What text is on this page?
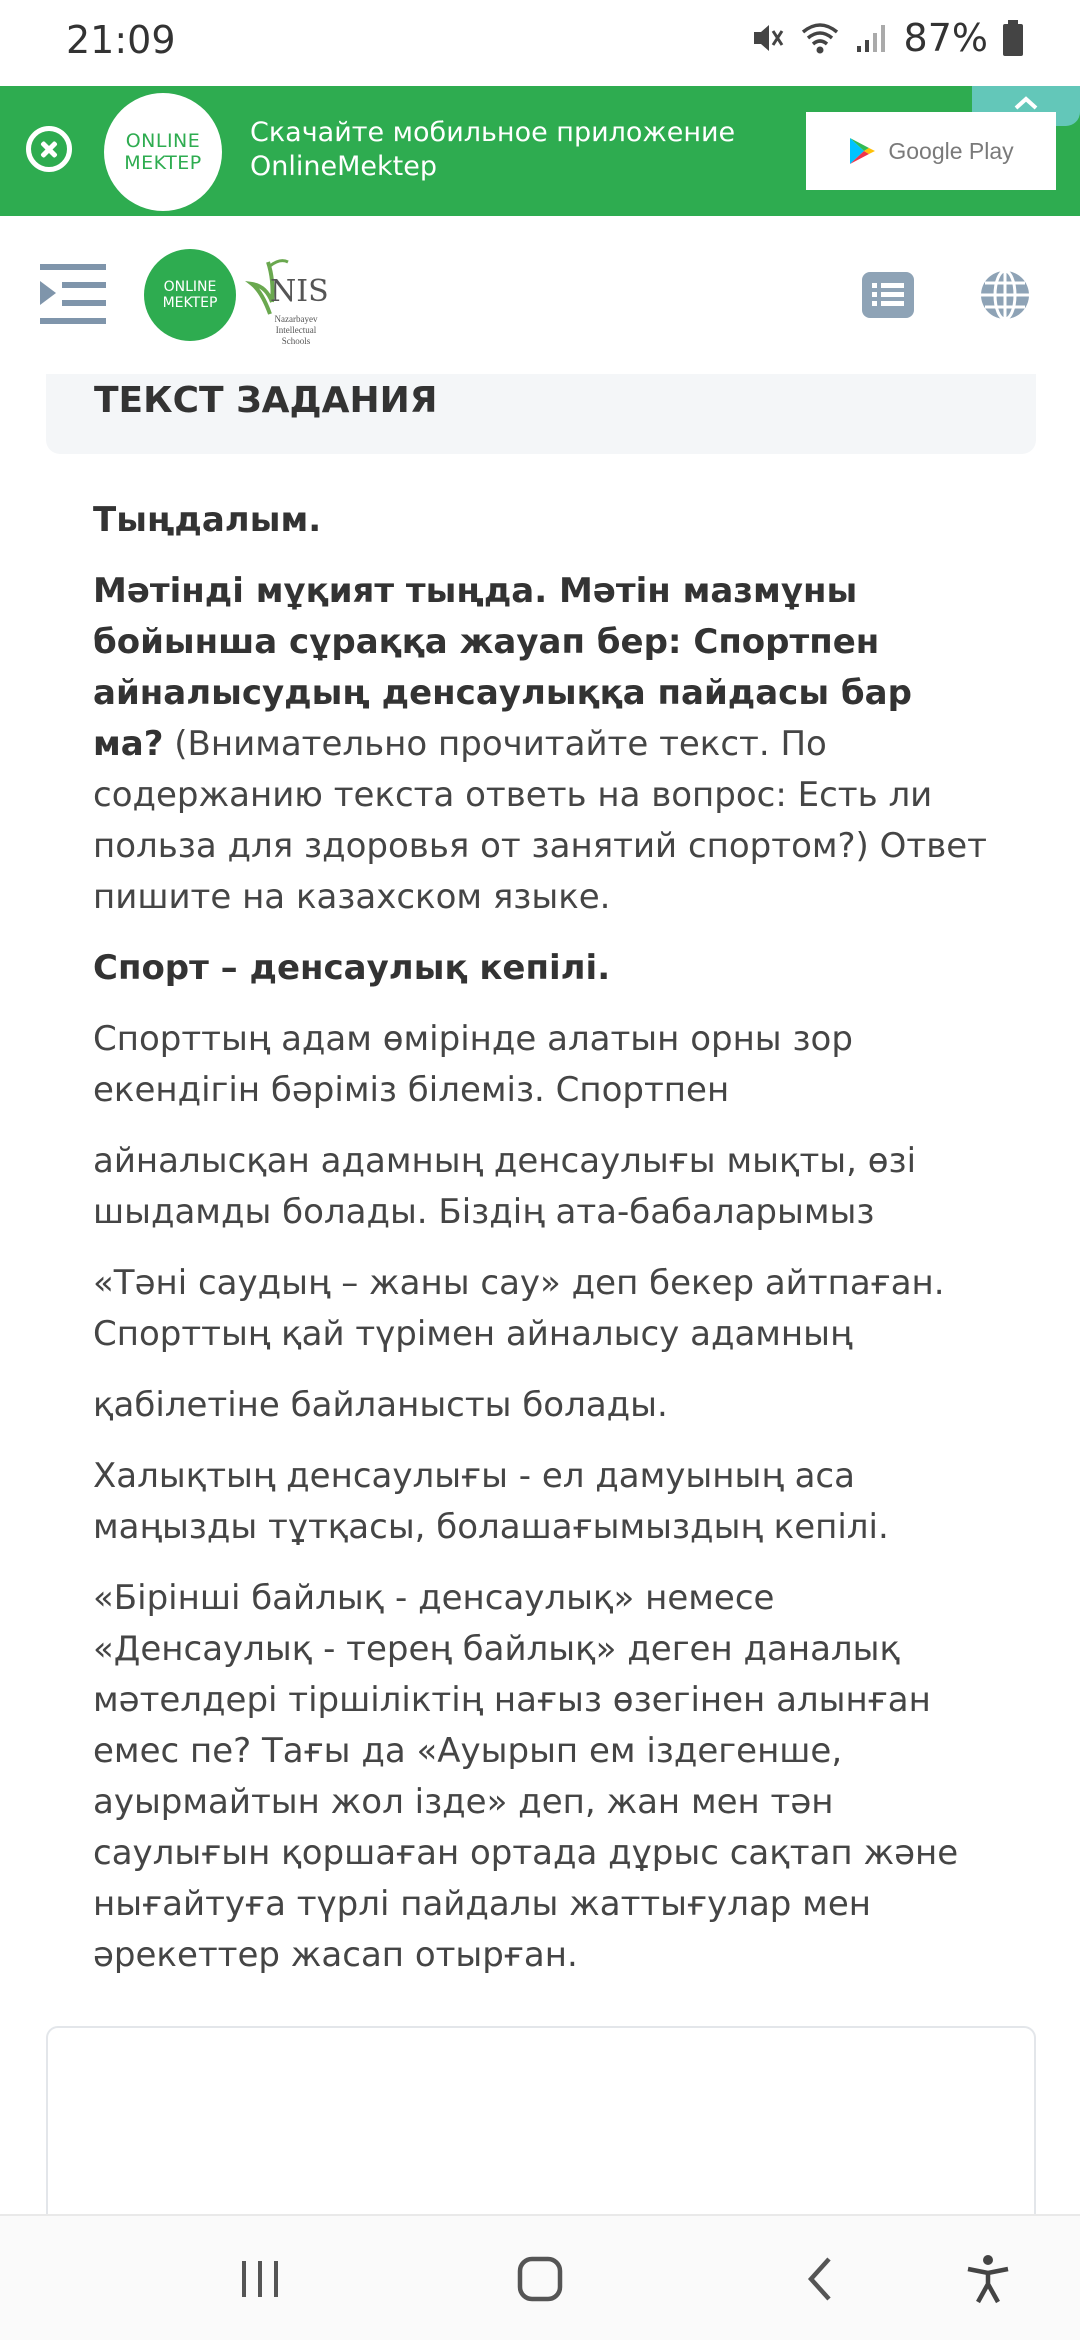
21:09	87%
ONLINE
MEKTEP
Скачайте мобильное приложение OnlineMektep
Google Play
ONLINE
MEKTEP NIS
Nazarbayev Intellectual Schools
ТЕКСТ ЗАДАНИЯ
Тыңдалым.
Мәтінді мұқият тыңда. Мәтін мазмұны бойынша сұраққа жауап бер: Спортпен айналысудың денсаулыққа пайдасы бар ма? (Внимательно прочитайте текст. По содержанию текста ответь на вопрос: Есть ли польза для здоровья от занятий спортом?) Ответ пишите на казахском языке.
Спорт – денсаулық кепілі.
Спорттың адам өмірінде алатын орны зор екендігін бәріміз білеміз. Спортпен
айналысқан адамның денсаулығы мықты, өзі шыдамды болады. Біздің ата-бабаларымыз
«Тәні саудың – жаны сау» деп бекер айтпаған. Спорттың қай түрімен айналысу адамның
қабілетіне байланысты болады.
Халықтың денсаулығы - ел дамуының аса маңызды тұтқасы, болашағымыздың кепілі.
«Бірінші байлық - денсаулық» немесе «Денсаулық - терең байлық» деген даналық мәтелдері тіршіліктің нағыз өзегінен алынған емес пе? Тағы да «Ауырып ем іздегенше, ауырмайтын жол ізде» деп, жан мен тән саулығын қоршаған ортада дұрыс сақтап және нығайтуға түрлі пайдалы жаттығулар мен әрекеттер жасап отырған.
